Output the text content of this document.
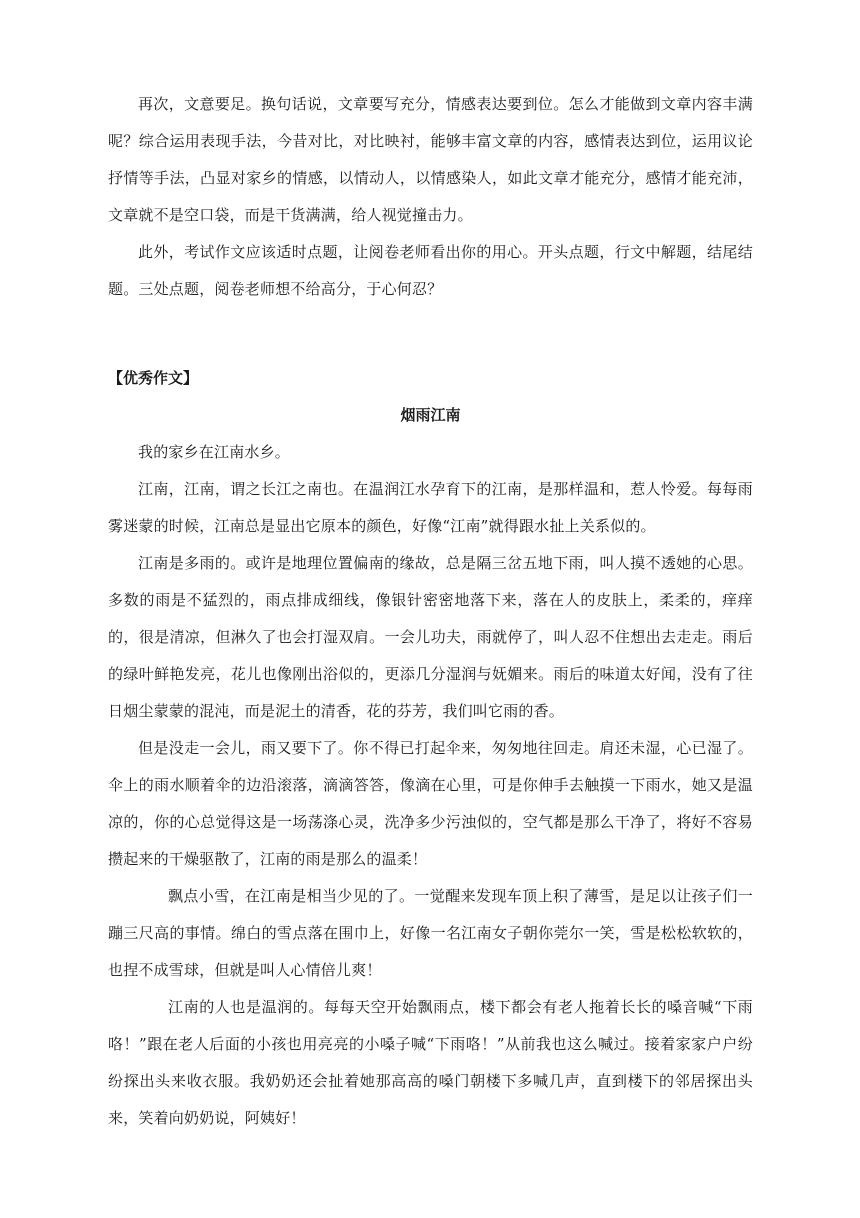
再次，文意要足。换句话说，文章要写充分，情感表达要到位。怎么才能做到文章内容丰满呢？综合运用表现手法，今昔对比，对比映衬，能够丰富文章的内容，感情表达到位，运用议论抒情等手法，凸显对家乡的情感，以情动人，以情感染人，如此文章才能充分，感情才能充沛，文章就不是空口袋，而是干货满满，给人视觉撞击力。

此外，考试作文应该适时点题，让阅卷老师看出你的用心。开头点题，行文中解题，结尾结题。三处点题，阅卷老师想不给高分，于心何忍？

【优秀作文】

烟雨江南

我的家乡在江南水乡。

江南，江南，谓之长江之南也。在温润江水孕育下的江南，是那样温和，惹人怜爱。每每雨雾迷蒙的时候，江南总是显出它原本的颜色，好像“江南”就得跟水扯上关系似的。

江南是多雨的。或许是地理位置偏南的缘故，总是隔三岔五地下雨，叫人摸不透她的心思。多数的雨是不猛烈的，雨点排成细线，像银针密密地落下来，落在人的皮肤上，柔柔的，痒痒的，很是清凉，但淋久了也会打湿双肩。一会儿功夫，雨就停了，叫人忍不住想出去走走。雨后的绿叶鲜艳发亮，花儿也像刚出浴似的，更添几分湿润与妩媚来。雨后的味道太好闻，没有了往日烟尘蒙蒙的混沌，而是泥土的清香，花的芬芳，我们叫它雨的香。

但是没走一会儿，雨又要下了。你不得已打起伞来，匆匆地往回走。肩还未湿，心已湿了。伞上的雨水顺着伞的边沿滚落，滴滴答答，像滴在心里，可是你伸手去触摸一下雨水，她又是温凉的，你的心总觉得这是一场荡涤心灵，洗净多少污浊似的，空气都是那么干净了，将好不容易攒起来的干燥驱散了，江南的雨是那么的温柔！

飘点小雪，在江南是相当少见的了。一觉醒来发现车顶上积了薄雪，是足以让孩子们一蹦三尺高的事情。绵白的雪点落在围巾上，好像一名江南女子朝你莞尔一笑，雪是松松软软的，也捏不成雪球，但就是叫人心情倍儿爽！

江南的人也是温润的。每每天空开始飘雨点，楼下都会有老人拖着长长的嗓音喊“下雨咯！”跟在老人后面的小孩也用亮亮的小嗓子喊“下雨咯！”从前我也这么喊过。接着家家户户纷纷探出头来收衣服。我奶奶还会扯着她那高高的嗓门朝楼下多喊几声，直到楼下的邻居探出头来，笑着向奶奶说，阿姨好！
